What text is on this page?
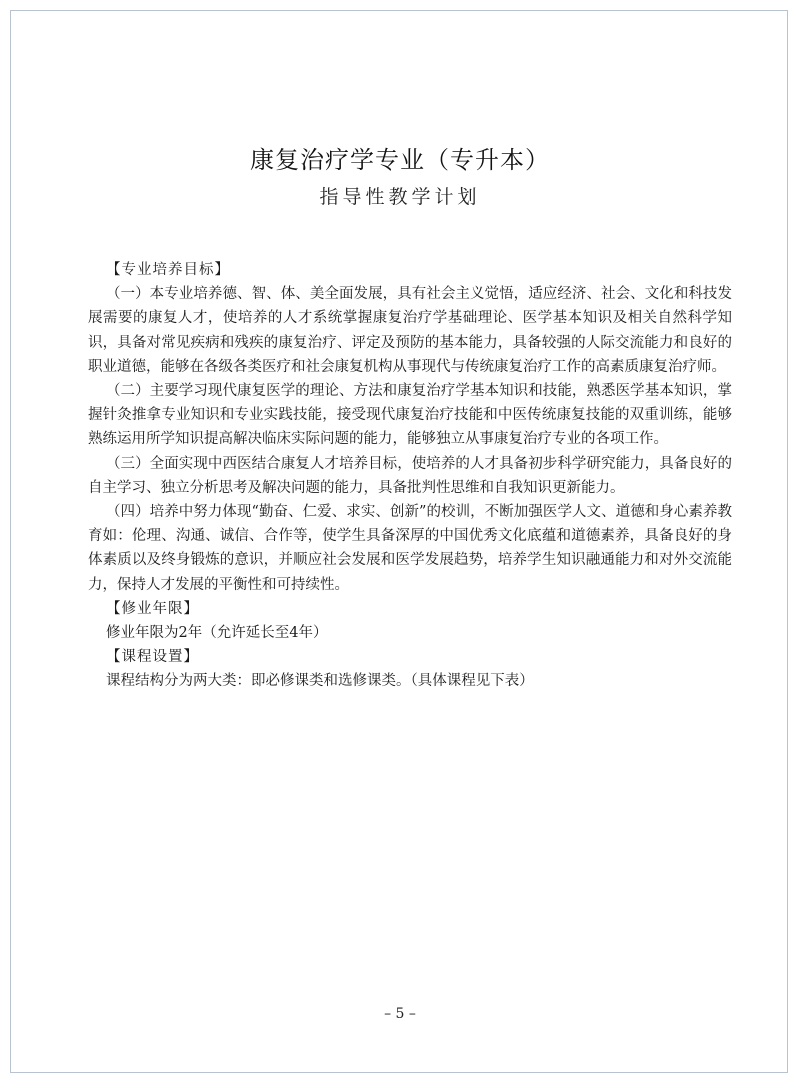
康复治疗学专业（专升本）
指导性教学计划

【专业培养目标】

（一）本专业培养德、智、体、美全面发展，具有社会主义觉悟，适应经济、社会、文化和科技发展需要的康复人才，使培养的人才系统掌握康复治疗学基础理论、医学基本知识及相关自然科学知识，具备对常见疾病和残疾的康复治疗、评定及预防的基本能力，具备较强的人际交流能力和良好的职业道德，能够在各级各类医疗和社会康复机构从事现代与传统康复治疗工作的高素质康复治疗师。

（二）主要学习现代康复医学的理论、方法和康复治疗学基本知识和技能，熟悉医学基本知识，掌握针灸推拿专业知识和专业实践技能，接受现代康复治疗技能和中医传统康复技能的双重训练，能够熟练运用所学知识提高解决临床实际问题的能力，能够独立从事康复治疗专业的各项工作。

（三）全面实现中西医结合康复人才培养目标，使培养的人才具备初步科学研究能力，具备良好的自主学习、独立分析思考及解决问题的能力，具备批判性思维和自我知识更新能力。

（四）培养中努力体现“勤奋、仁爱、求实、创新”的校训，不断加强医学人文、道德和身心素养教育如：伦理、沟通、诚信、合作等，使学生具备深厚的中国优秀文化底蕴和道德素养，具备良好的身体素质以及终身锻炼的意识，并顺应社会发展和医学发展趋势，培养学生知识融通能力和对外交流能力，保持人才发展的平衡性和可持续性。

【修业年限】

修业年限为2年（允许延长至4年）

【课程设置】

课程结构分为两大类：即必修课类和选修课类。（具体课程见下表）

– 5 –
